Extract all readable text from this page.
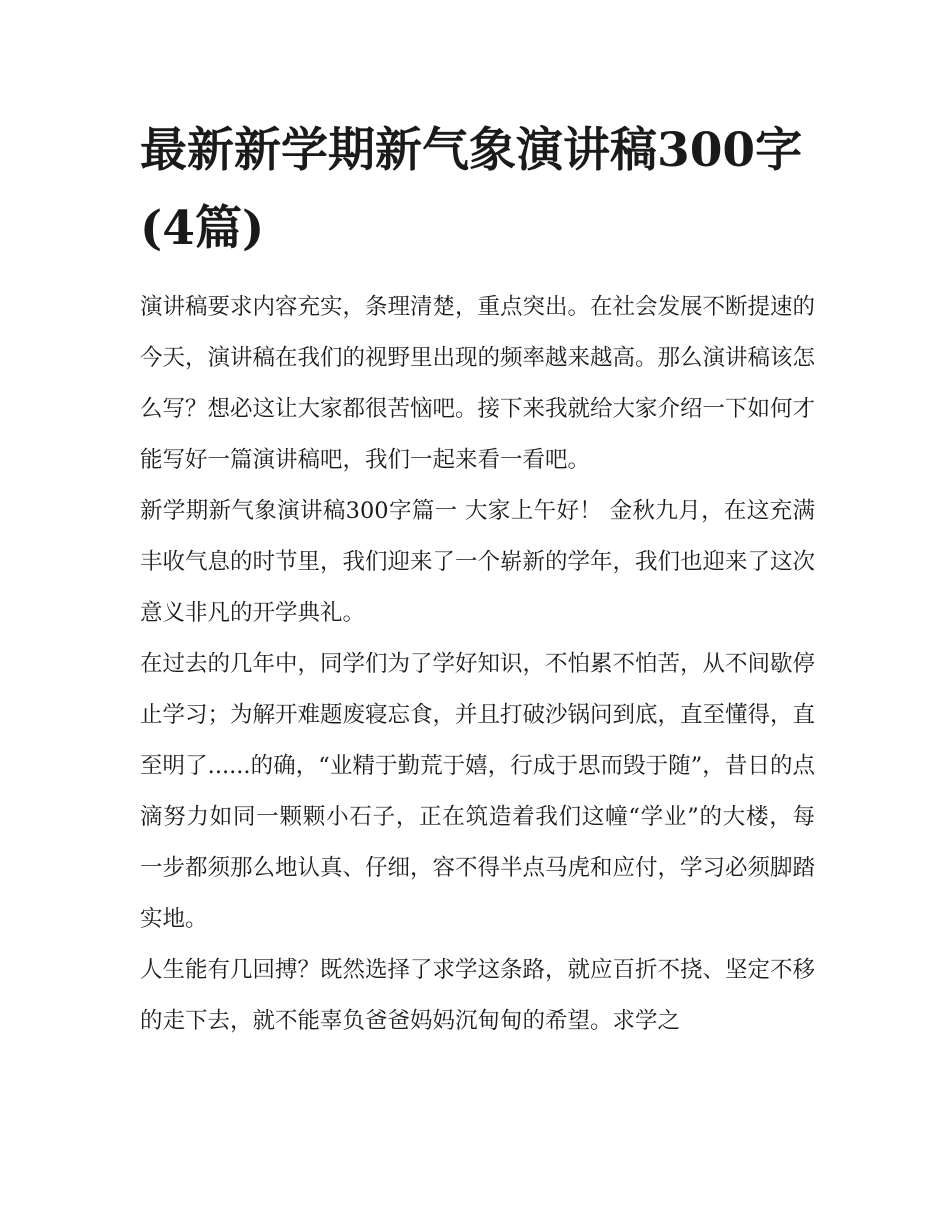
最新新学期新气象演讲稿300字(4篇)

演讲稿要求内容充实，条理清楚，重点突出。在社会发展不断提速的今天，演讲稿在我们的视野里出现的频率越来越高。那么演讲稿该怎么写？想必这让大家都很苦恼吧。接下来我就给大家介绍一下如何才能写好一篇演讲稿吧，我们一起来看一看吧。

新学期新气象演讲稿300字篇一 大家上午好！ 金秋九月，在这充满丰收气息的时节里，我们迎来了一个崭新的学年，我们也迎来了这次意义非凡的开学典礼。

在过去的几年中，同学们为了学好知识，不怕累不怕苦，从不间歇停止学习；为解开难题废寝忘食，并且打破沙锅问到底，直至懂得，直至明了......的确，“业精于勤荒于嬉，行成于思而毁于随”，昔日的点滴努力如同一颗颗小石子，正在筑造着我们这幢“学业”的大楼，每一步都须那么地认真、仔细，容不得半点马虎和应付，学习必须脚踏实地。

人生能有几回搏？既然选择了求学这条路，就应百折不挠、坚定不移的走下去，就不能辜负爸爸妈妈沉甸甸的希望。求学之
